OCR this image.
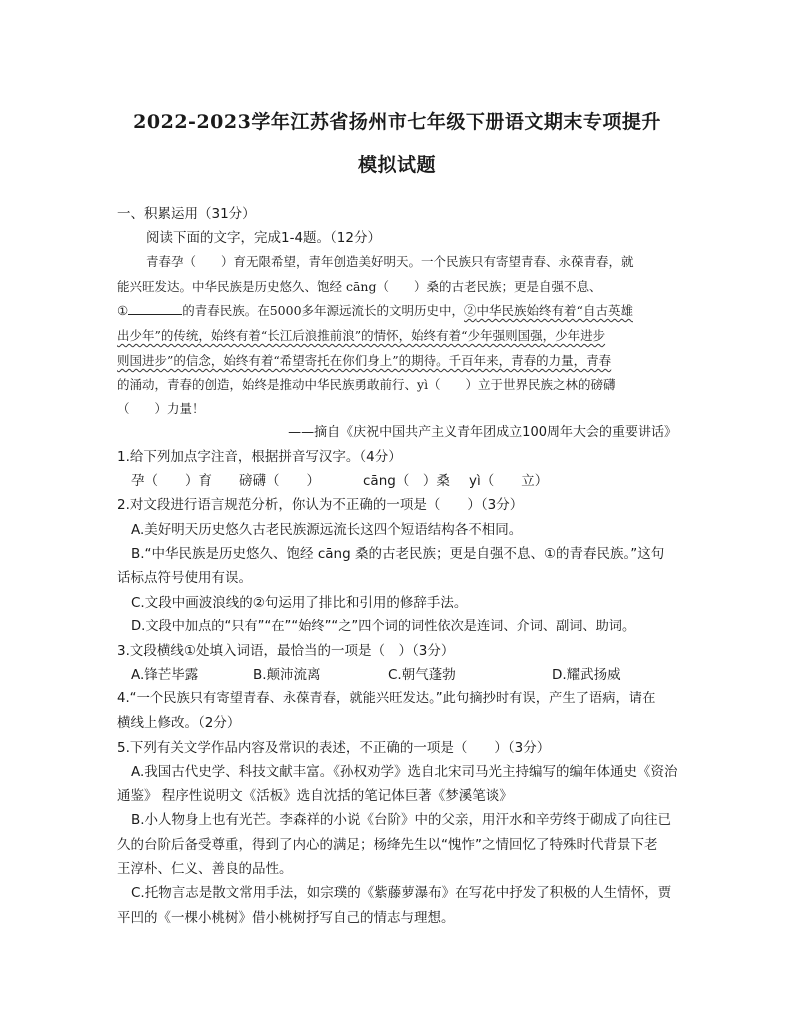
2022-2023学年江苏省扬州市七年级下册语文期末专项提升
模拟试题
一、积累运用（31分）
阅读下面的文字，完成1-4题。（12分）
青春孕（　　）育无限希望，青年创造美好明天。一个民族只有寄望青春、永葆青春，就
能兴旺发达。中华民族是历史悠久、饱经 cāng（　　）桑的古老民族；更是自强不息、
①	的青春民族。在5000多年源远流长的文明历史中，②中华民族始终有着“自古英雄
出少年”的传统，始终有着“长江后浪推前浪”的情怀，始终有着“少年强则国强，少年进步
则国进步”的信念，始终有着“希望寄托在你们身上”的期待。千百年来，青春的力量，青春
的涌动，青春的创造，始终是推动中华民族勇敢前行、yì（　　）立于世界民族之林的磅礴
（　　）力量！
——摘自《庆祝中国共产主义青年团成立100周年大会的重要讲话》
1.给下列加点字注音，根据拼音写汉字。（4分）
孕（　　）育 磅礴（　　）	cāng（　）桑 yì（　　立）
2.对文段进行语言规范分析，你认为不正确的一项是（　　）（3分）
A.美好明天历史悠久古老民族源远流长这四个短语结构各不相同。
B.“中华民族是历史悠久、饱经 cāng 桑的古老民族；更是自强不息、①的青春民族。”这句
话标点符号使用有误。
C.文段中画波浪线的②句运用了排比和引用的修辞手法。
D.文段中加点的“只有”“在”“始终”“之”四个词的词性依次是连词、介词、副词、助词。
3.文段横线①处填入词语，最恰当的一项是（　）（3分）
A.锋芒毕露	B.颠沛流离	C.朝气蓬勃	D.耀武扬威
4.“一个民族只有寄望青春、永葆青春，就能兴旺发达。”此句摘抄时有误，产生了语病，请在
横线上修改。（2分）
5.下列有关文学作品内容及常识的表述，不正确的一项是（　　）（3分）
A.我国古代史学、科技文献丰富。《孙权劝学》选自北宋司马光主持编写的编年体通史《资治
通鉴》 程序性说明文《活板》选自沈括的笔记体巨著《梦溪笔谈》
B.小人物身上也有光芒。李森祥的小说《台阶》中的父亲，用汗水和辛劳终于砌成了向往已
久的台阶后备受尊重，得到了内心的满足；杨绛先生以“愧怍”之情回忆了特殊时代背景下老
王淳朴、仁义、善良的品性。
C.托物言志是散文常用手法，如宗璞的《紫藤萝瀑布》在写花中抒发了积极的人生情怀，贾
平凹的《一棵小桃树》借小桃树抒写自己的情志与理想。
